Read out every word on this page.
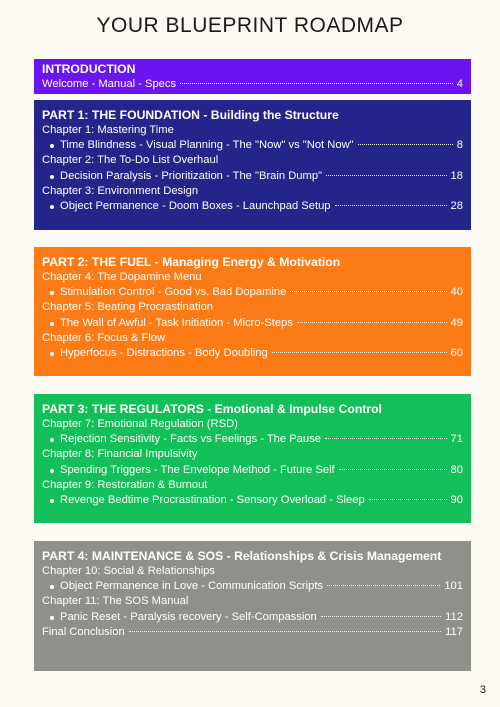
YOUR BLUEPRINT ROADMAP
INTRODUCTION
Welcome - Manual - Specs	4
PART 1: THE FOUNDATION - Building the Structure
Chapter 1: Mastering Time
Time Blindness - Visual Planning - The "Now" vs "Not Now"	8
Chapter 2: The To-Do List Overhaul
Decision Paralysis - Prioritization - The "Brain Dump"	18
Chapter 3: Environment Design
Object Permanence - Doom Boxes - Launchpad Setup	28
PART 2: THE FUEL - Managing Energy & Motivation
Chapter 4: The Dopamine Menu
Stimulation Control - Good vs. Bad Dopamine	40
Chapter 5: Beating Procrastination
The Wall of Awful - Task Initiation - Micro-Steps	49
Chapter 6: Focus & Flow
Hyperfocus - Distractions - Body Doubling	60
PART 3: THE REGULATORS - Emotional & Impulse Control
Chapter 7: Emotional Regulation (RSD)
Rejection Sensitivity - Facts vs Feelings - The Pause	71
Chapter 8: Financial Impulsivity
Spending Triggers - The Envelope Method - Future Self	80
Chapter 9: Restoration & Burnout
Revenge Bedtime Procrastination - Sensory Overload - Sleep	90
PART 4: MAINTENANCE & SOS - Relationships & Crisis Management
Chapter 10: Social & Relationships
Object Permanence in Love - Communication Scripts	101
Chapter 11: The SOS Manual
Panic Reset - Paralysis recovery - Self-Compassion	112
Final Conclusion	117
3
